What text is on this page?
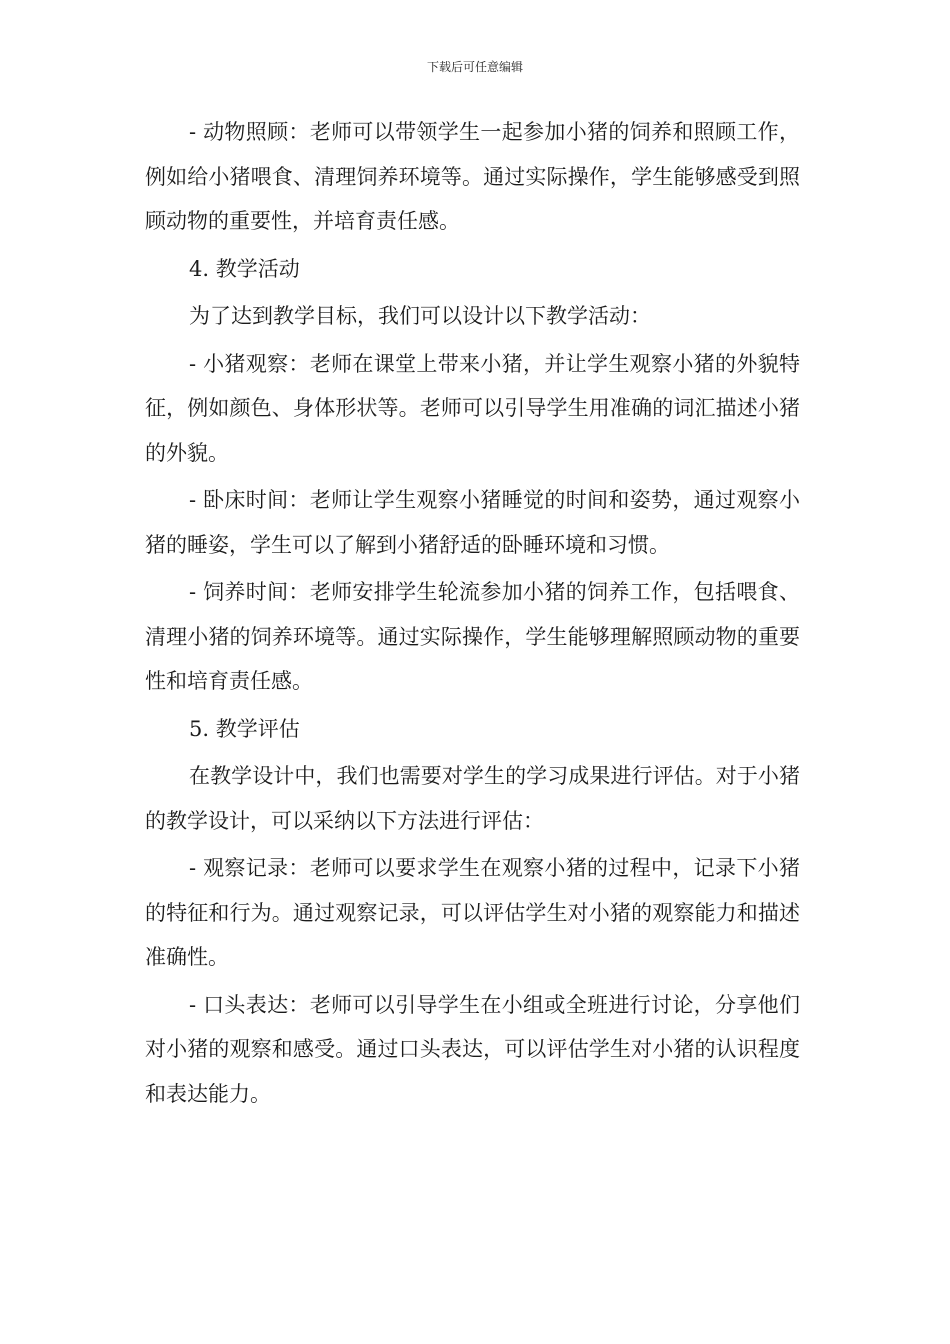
下载后可任意编辑

- 动物照顾：老师可以带领学生一起参加小猪的饲养和照顾工作，例如给小猪喂食、清理饲养环境等。通过实际操作，学生能够感受到照顾动物的重要性，并培育责任感。

4. 教学活动

为了达到教学目标，我们可以设计以下教学活动：

- 小猪观察：老师在课堂上带来小猪，并让学生观察小猪的外貌特征，例如颜色、身体形状等。老师可以引导学生用准确的词汇描述小猪的外貌。

- 卧床时间：老师让学生观察小猪睡觉的时间和姿势，通过观察小猪的睡姿，学生可以了解到小猪舒适的卧睡环境和习惯。

- 饲养时间：老师安排学生轮流参加小猪的饲养工作，包括喂食、清理小猪的饲养环境等。通过实际操作，学生能够理解照顾动物的重要性和培育责任感。

5. 教学评估

在教学设计中，我们也需要对学生的学习成果进行评估。对于小猪的教学设计，可以采纳以下方法进行评估：

- 观察记录：老师可以要求学生在观察小猪的过程中，记录下小猪的特征和行为。通过观察记录，可以评估学生对小猪的观察能力和描述准确性。

- 口头表达：老师可以引导学生在小组或全班进行讨论，分享他们对小猪的观察和感受。通过口头表达，可以评估学生对小猪的认识程度和表达能力。
